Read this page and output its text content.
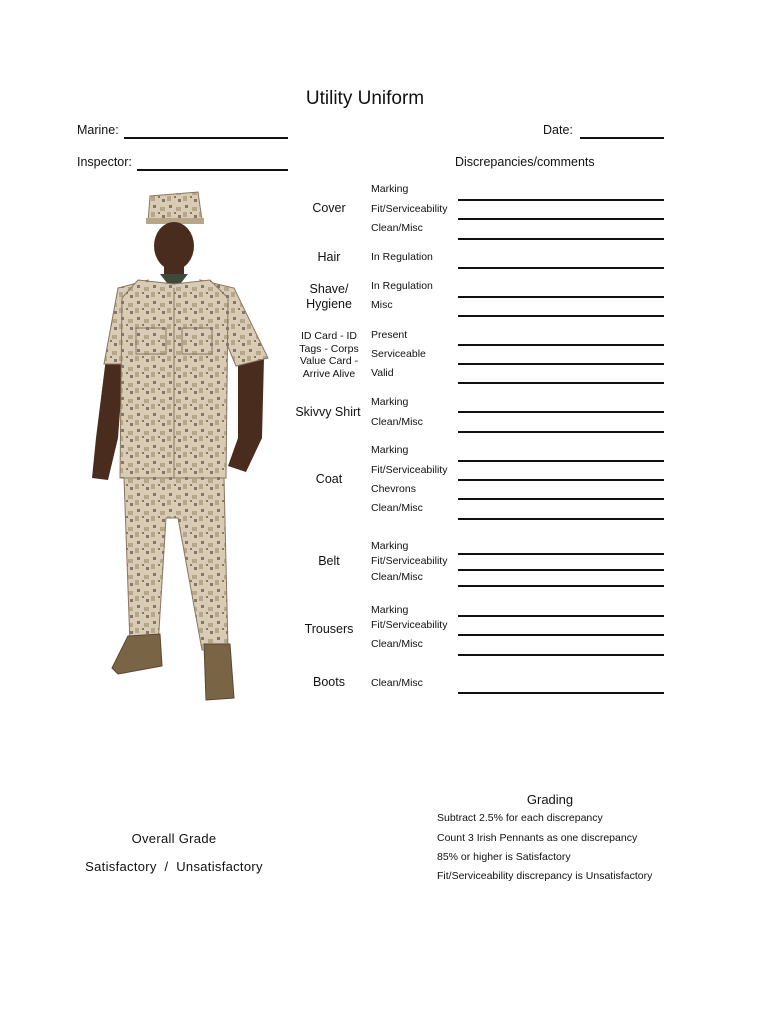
Utility Uniform
Marine:	Date:
Inspector:	Discrepancies/comments
Cover
Hair
Shave/ Hygiene
ID Card - ID Tags - Corps Value Card - Arrive Alive
Skivvy Shirt
Coat
Belt
Trousers
Boots
Marking
Fit/Serviceability
Clean/Misc
In Regulation
In Regulation
Misc
Present
Serviceable
Valid
Marking
Clean/Misc
Marking
Fit/Serviceability
Chevrons
Clean/Misc
Marking
Fit/Serviceability
Clean/Misc
Marking
Fit/Serviceability
Clean/Misc
Clean/Misc
Grading
Subtract 2.5% for each discrepancy
Count 3 Irish Pennants as one discrepancy
85% or higher is Satisfactory
Fit/Serviceability discrepancy is Unsatisfactory
Overall Grade
Satisfactory  /  Unsatisfactory
